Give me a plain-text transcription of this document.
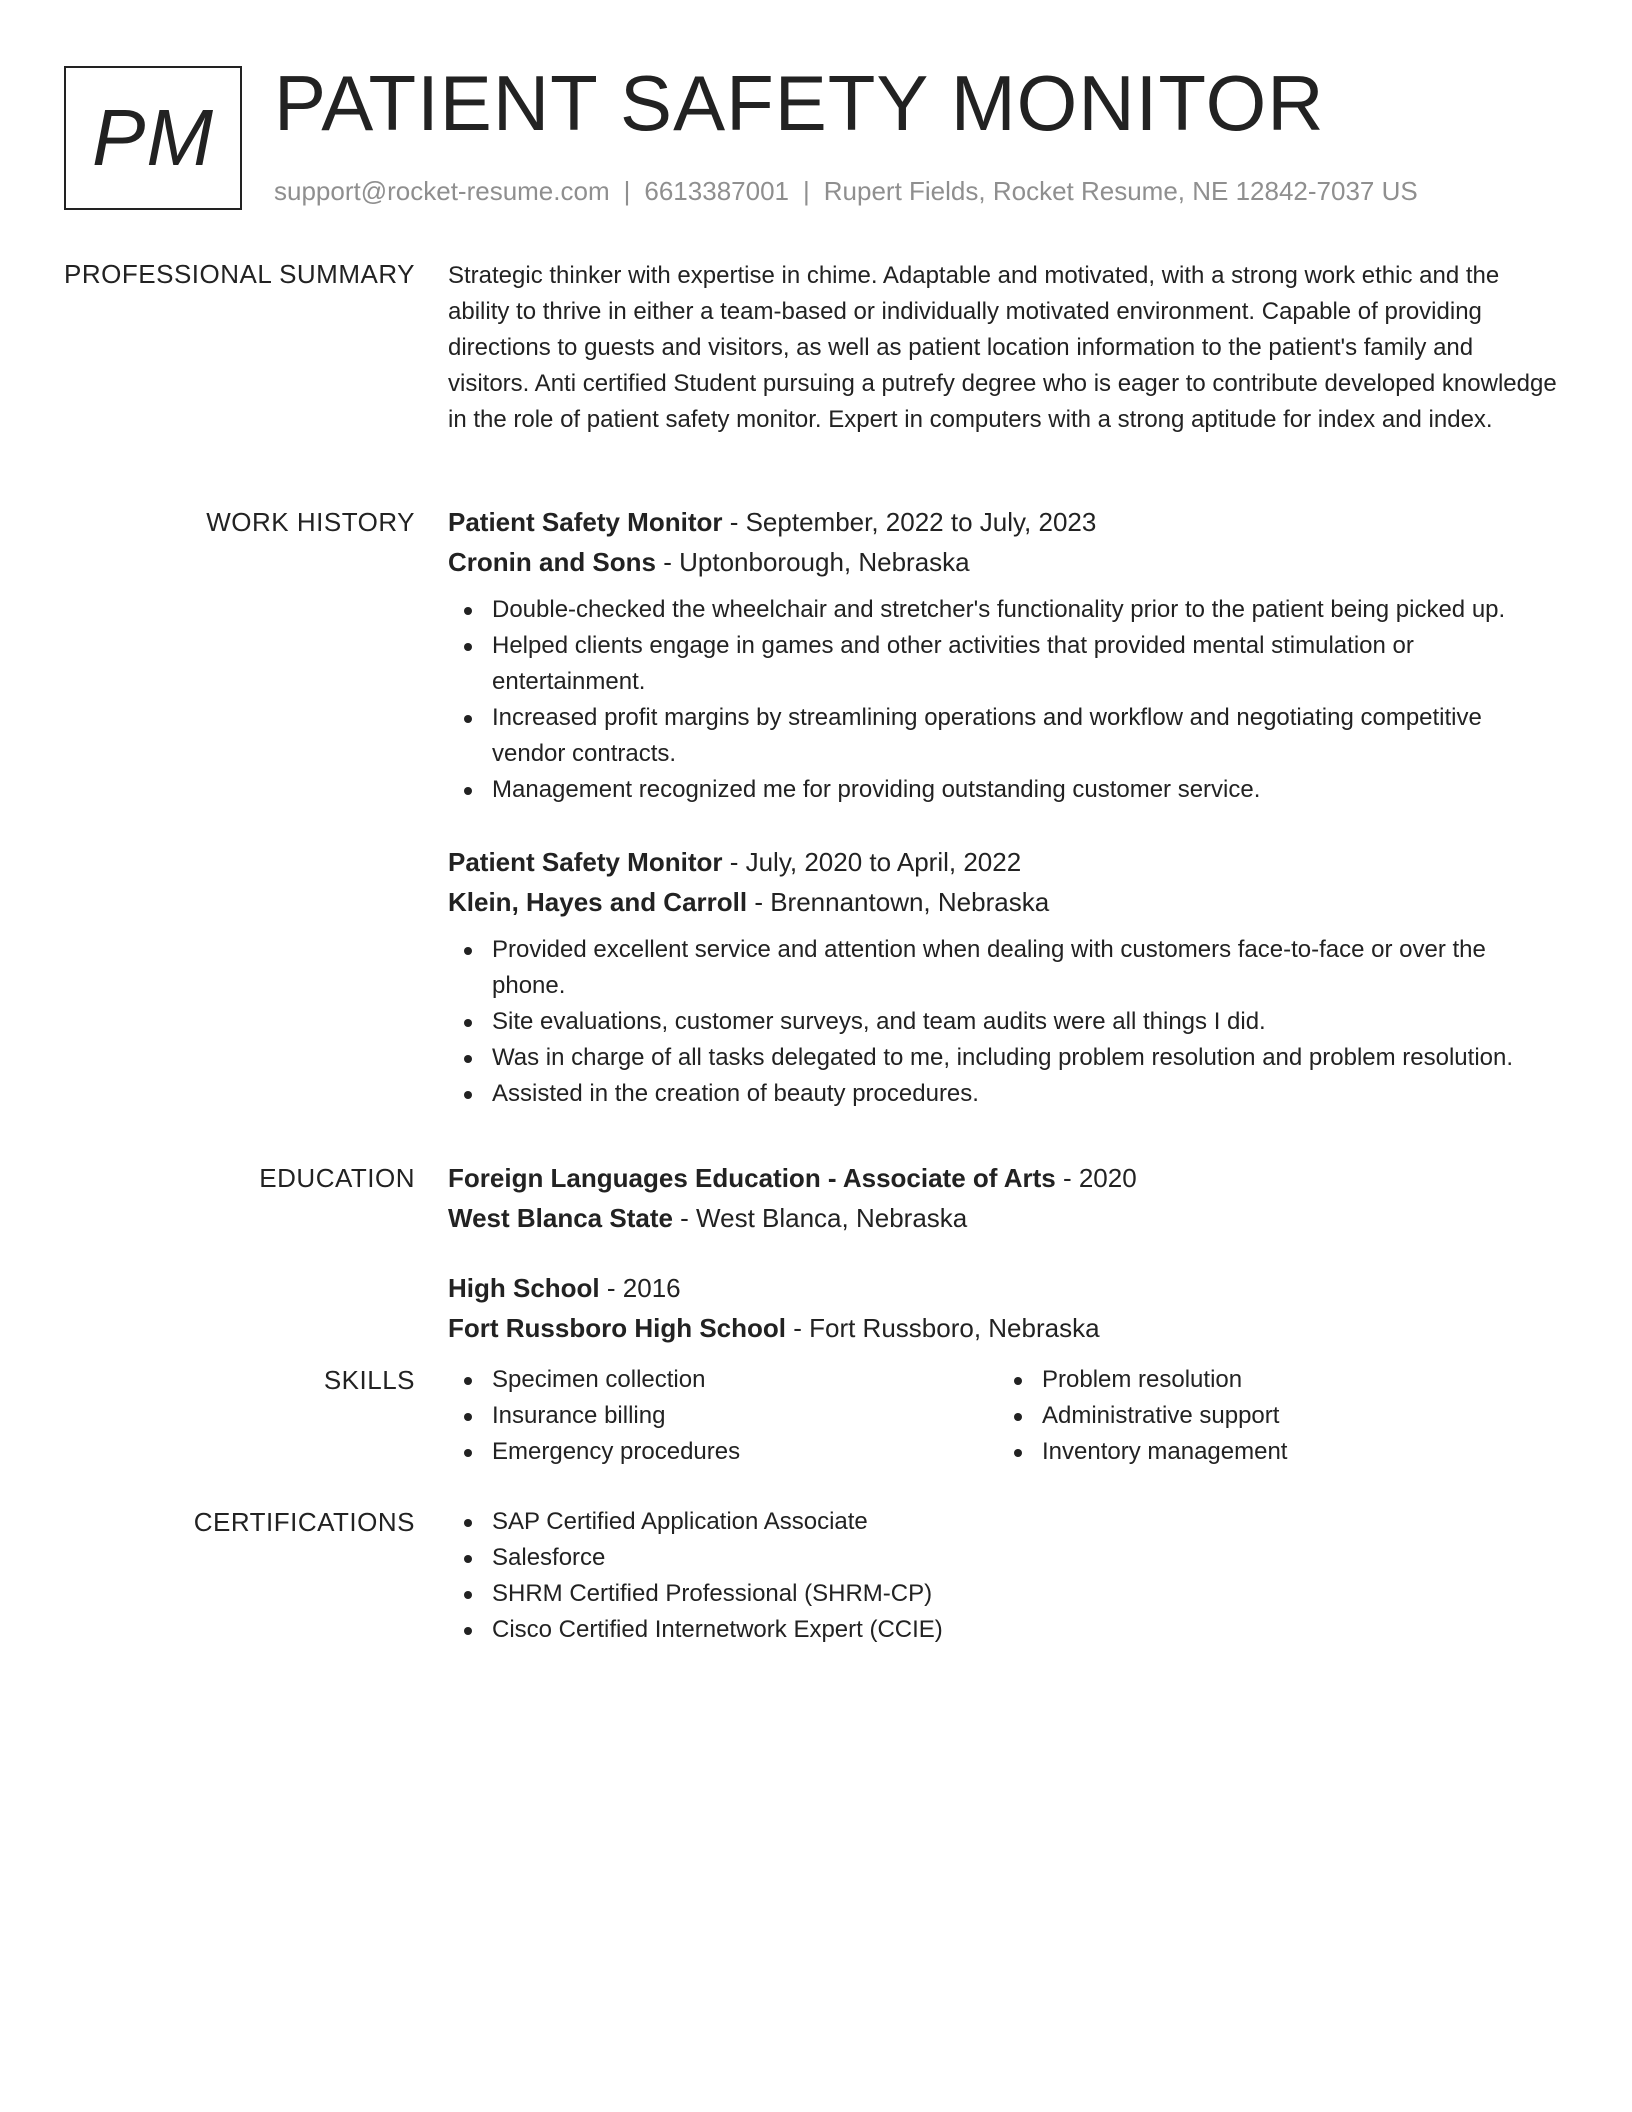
PM PATIENT SAFETY MONITOR
support@rocket-resume.com | 6613387001 | Rupert Fields, Rocket Resume, NE 12842-7037 US
PROFESSIONAL SUMMARY Strategic thinker with expertise in chime. Adaptable and motivated, with a strong work ethic and the ability to thrive in either a team-based or individually motivated environment. Capable of providing directions to guests and visitors, as well as patient location information to the patient's family and visitors. Anti certified Student pursuing a putrefy degree who is eager to contribute developed knowledge in the role of patient safety monitor. Expert in computers with a strong aptitude for index and index.

WORK HISTORY Patient Safety Monitor - September, 2022 to July, 2023
Cronin and Sons - Uptonborough, Nebraska
Double-checked the wheelchair and stretcher's functionality prior to the patient being picked up.
Helped clients engage in games and other activities that provided mental stimulation or entertainment.
Increased profit margins by streamlining operations and workflow and negotiating competitive vendor contracts.
Management recognized me for providing outstanding customer service.
Patient Safety Monitor - July, 2020 to April, 2022
Klein, Hayes and Carroll - Brennantown, Nebraska
Provided excellent service and attention when dealing with customers face-to-face or over the phone.
Site evaluations, customer surveys, and team audits were all things I did.
Was in charge of all tasks delegated to me, including problem resolution and problem resolution.
Assisted in the creation of beauty procedures.
EDUCATION Foreign Languages Education - Associate of Arts - 2020
West Blanca State - West Blanca, Nebraska
High School - 2016
Fort Russboro High School - Fort Russboro, Nebraska
SKILLS	Specimen collection
Insurance billing
Emergency procedures
Problem resolution
Administrative support
Inventory management
CERTIFICATIONS	SAP Certified Application Associate
Salesforce
SHRM Certified Professional (SHRM-CP)
Cisco Certified Internetwork Expert (CCIE)
